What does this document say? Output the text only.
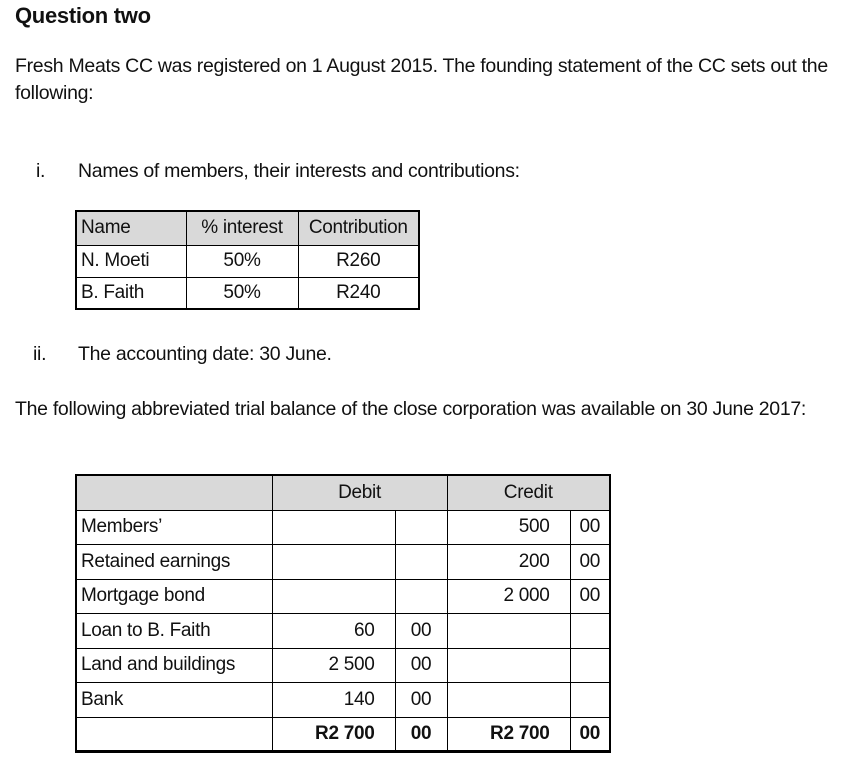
Question two
Fresh Meats CC was registered on 1 August 2015. The founding statement of the CC sets out the following:
i. Names of members, their interests and contributions:
Name	% interest	Contribution
N. Moeti	50%	R260
B. Faith	50%	R240
ii. The accounting date: 30 June.
The following abbreviated trial balance of the close corporation was available on 30 June 2017:
	Debit		Credit	
Members’			500	00
Retained earnings			200	00
Mortgage bond			2 000	00
Loan to B. Faith	60	00		
Land and buildings	2 500	00		
Bank	140	00		
	R2 700	00	R2 700	00
